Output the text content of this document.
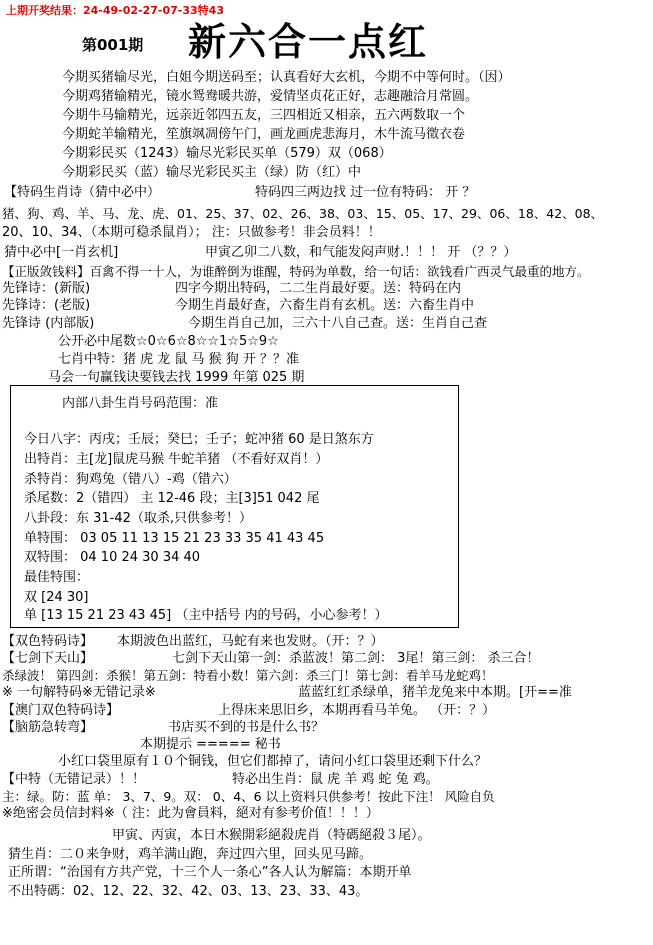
上期开奖结果：24-49-02-27-07-33特43
第001期 新六合一点红
今期买猪输尽光，白姐今期送码至；认真看好大玄机，今期不中等何时。（因）
今期鸡猪输精光，镜水鸳鸯暖共游，爱情坚贞花正好，志趣融洽月常圆。
今期牛马输精光，远亲近邻四五友，三四相近又相亲，五六两数取一个
今期蛇羊输精光，笙旗飒凋傍午门，画龙画虎悲海月，木牛流马徵衣卷
今期彩民买（1243）输尽光彩民买单（579）双（068）
今期彩民买（蓝）输尽光彩民买主（绿）防（红）中
【特码生肖诗（猜中必中）	特码四三两边找 过一位有特码： 开 ？
猪、狗、鸡、羊、马、龙、虎、01、25、37、02、26、38、03、15、05、17、29、06、18、42、08、
20、10、34、（本期可稳杀鼠肖）； 注：只做参考！非会员料！！
猜中必中[一肖玄机]	甲寅乙卯二八数，和气能发闷声财.！！！ 开 （？？）
【正版敛钱料】百禽不得一十人，为谁醉倒为谁醒，特码为单数，给一句话：欲钱看广西灵气最重的地方。
先锋诗：(新版)	四字今期出特码，二二生肖最好要。送：特码在内
先锋诗：(老版)	今期生肖最好查，六畜生肖有玄机。送：六畜生肖中
先锋诗 (内部版)	今期生肖自己加，三六十八自己查。送：生肖自己查
公开必中尾数☆0☆6☆8☆☆1☆5☆9☆
七肖中特：猪 虎 龙 鼠 马 猴 狗 开 ？？准
马会一句赢钱诀要钱去找 1999 年第 025 期
内部八卦生肖号码范围：准
今日八字：丙戌；壬辰；癸巳；壬子；蛇冲猪 60 是日煞东方
出特肖：主[龙]鼠虎马猴 牛蛇羊猪 （不看好双肖！）
杀特肖：狗鸡兔（错八）-鸡（错六）
杀尾数：2（错四） 主 12-46 段；主[3]51 042 尾
八卦段：东 31-42（取杀,只供参考！）
单特围： 03 05 11 13 15 21 23 33 35 41 43 45
双特围： 04 10 24 30 34 40
最佳特围：
双 [24 30]
单 [13 15 21 23 43 45] （主中括号 内的号码，小心参考！）
【双色特码诗】 本期波色出蓝红，马蛇有来也发财。（开：？）
【七剑下天山】	七剑下天山第一剑：杀蓝波！第二剑： 3尾！第三剑： 杀三合！
杀绿波！ 第四剑：杀猴！第五剑：特看小数！第六剑：杀三门！第七剑：看羊马龙蛇鸡！
※ 一句解特码※无错记录※	蓝蓝红红杀绿单，猪羊龙兔来中本期。[开==准
【澳门双色特码诗】	上得床来思旧乡，本期再看马羊兔。 （开：？）
【脑筋急转弯】	书店买不到的书是什么书？
本期提示 ===== 秘书
小红口袋里原有１０个铜钱，但它们都掉了，请问小红口袋里还剩下什么？
【中特（无错记录）！！	特必出生肖：鼠 虎 羊 鸡 蛇 兔 鸡。
主：绿。防：蓝 单： 3、7、9。双： 0、4、6 以上资料只供参考！按此下注！ 风险自负
※绝密会员信封料※（ 注：此为會員料，絕对有参考价值！！！）
甲寅、丙寅，本日木猴開彩絕殺虎肖（特碼絕殺３尾）。
猜生肖：二０来争财，鸡羊满山跑，奔过四六里，回头见马蹄。
正所谓：“治国有方共产党，十三个人一条心”各人认为解篇：本期开单
不出特碼：02、12、22、32、42、03、13、23、33、43。
